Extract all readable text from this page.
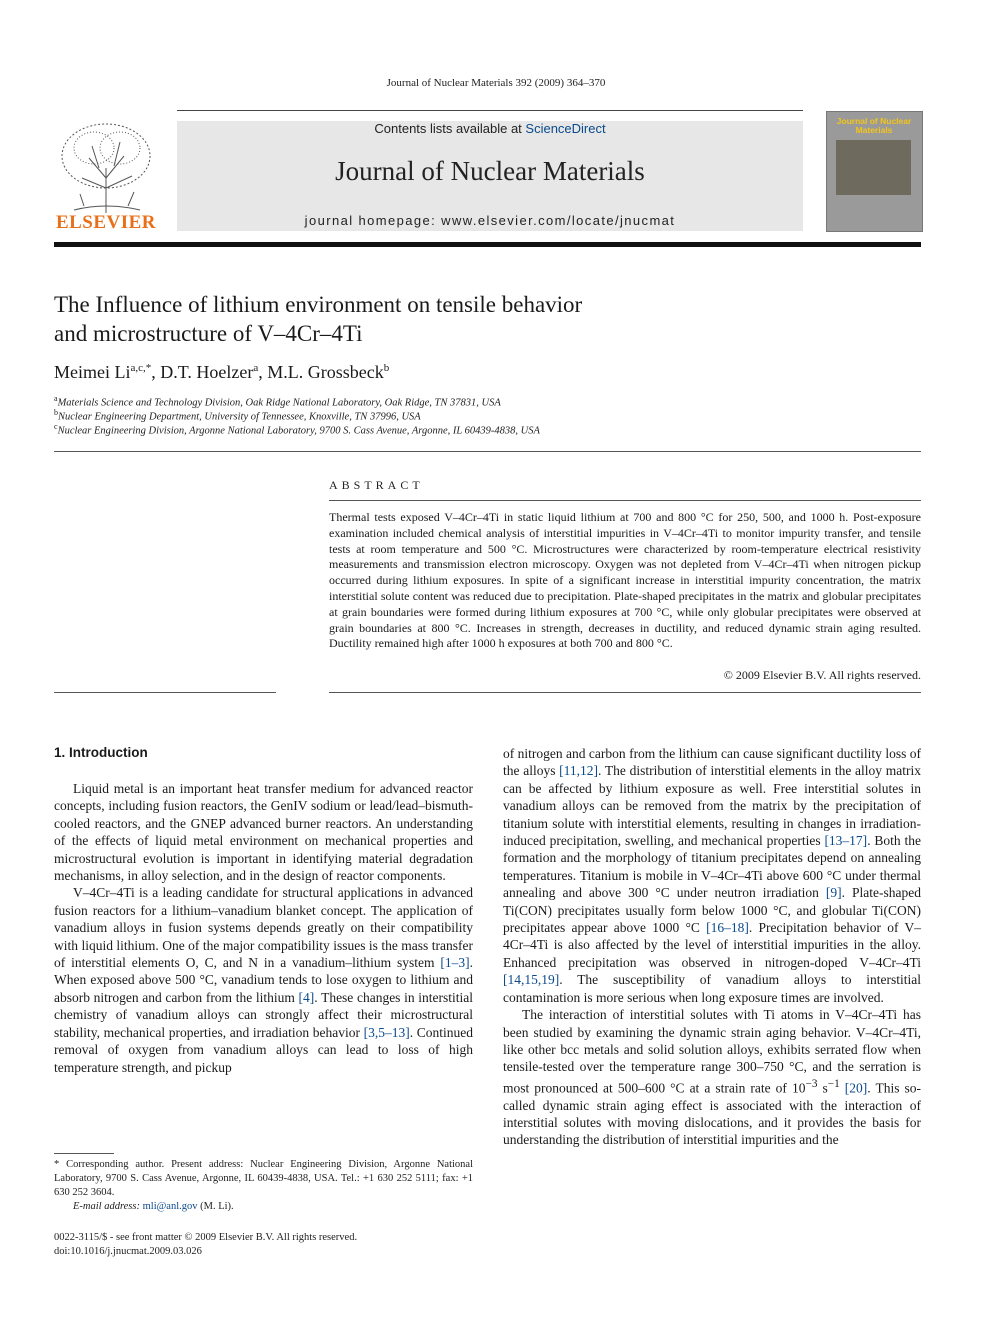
Journal of Nuclear Materials 392 (2009) 364–370
ELSEVIER
Contents lists available at ScienceDirect
Journal of Nuclear Materials
journal homepage: www.elsevier.com/locate/jnucmat
Journal of Nuclear Materials
The Influence of lithium environment on tensile behavior
and microstructure of V–4Cr–4Ti
Meimei $Li^{a,c,*}$, D.T. Hoelzer$^a$, M.L. Grossbeck$^b$
$^a$Materials Science and Technology Division, Oak Ridge National Laboratory, Oak Ridge, TN 37831, USA
$^b$Nuclear Engineering Department, University of Tennessee, Knoxville, TN 37996, USA
$^c$Nuclear Engineering Division, Argonne National Laboratory, 9700 S. Cass Avenue, Argonne, IL 60439-4838, USA
ABSTRACT
Thermal tests exposed V–4Cr–4Ti in static liquid lithium at 700 and 800 °C for 250, 500, and 1000 h. Post-exposure examination included chemical analysis of interstitial impurities in V–4Cr–4Ti to monitor impurity transfer, and tensile tests at room temperature and 500 °C. Microstructures were characterized by room-temperature electrical resistivity measurements and transmission electron microscopy. Oxygen was not depleted from V–4Cr–4Ti when nitrogen pickup occurred during lithium exposures. In spite of a significant increase in interstitial impurity concentration, the matrix interstitial solute content was reduced due to precipitation. Plate-shaped precipitates in the matrix and globular precipitates at grain boundaries were formed during lithium exposures at 700 °C, while only globular precipitates were observed at grain boundaries at 800 °C. Increases in strength, decreases in ductility, and reduced dynamic strain aging resulted. Ductility remained high after 1000 h exposures at both 700 and 800 °C.
© 2009 Elsevier B.V. All rights reserved.
1. Introduction

Liquid metal is an important heat transfer medium for advanced reactor concepts, including fusion reactors, the GenIV sodium or lead/lead–bismuth-cooled reactors, and the GNEP advanced burner reactors. An understanding of the effects of liquid metal environment on mechanical properties and microstructural evolution is important in identifying material degradation mechanisms, in alloy selection, and in the design of reactor components.

V–4Cr–4Ti is a leading candidate for structural applications in advanced fusion reactors for a lithium–vanadium blanket concept. The application of vanadium alloys in fusion systems depends greatly on their compatibility with liquid lithium. One of the major compatibility issues is the mass transfer of interstitial elements O, C, and N in a vanadium–lithium system [1–3]. When exposed above 500 °C, vanadium tends to lose oxygen to lithium and absorb nitrogen and carbon from the lithium [4]. These changes in interstitial chemistry of vanadium alloys can strongly affect their microstructural stability, mechanical properties, and irradiation behavior [3,5–13]. Continued removal of oxygen from vanadium alloys can lead to loss of high temperature strength, and pickup

of nitrogen and carbon from the lithium can cause significant ductility loss of the alloys [11,12]. The distribution of interstitial elements in the alloy matrix can be affected by lithium exposure as well. Free interstitial solutes in vanadium alloys can be removed from the matrix by the precipitation of titanium solute with interstitial elements, resulting in changes in irradiation-induced precipitation, swelling, and mechanical properties [13–17]. Both the formation and the morphology of titanium precipitates depend on annealing temperatures. Titanium is mobile in V–4Cr–4Ti above 600 °C under thermal annealing and above 300 °C under neutron irradiation [9]. Plate-shaped Ti(CON) precipitates usually form below 1000 °C, and globular Ti(CON) precipitates appear above 1000 °C [16–18]. Precipitation behavior of V–4Cr–4Ti is also affected by the level of interstitial impurities in the alloy. Enhanced precipitation was observed in nitrogen-doped V–4Cr–4Ti [14,15,19]. The susceptibility of vanadium alloys to interstitial contamination is more serious when long exposure times are involved.

The interaction of interstitial solutes with Ti atoms in V–4Cr–4Ti has been studied by examining the dynamic strain aging behavior. V–4Cr–4Ti, like other bcc metals and solid solution alloys, exhibits serrated flow when tensile-tested over the temperature range 300–750 °C, and the serration is most pronounced at 500–600 °C at a strain rate of $10^{-3}$ $s^{-1}$ [20]. This so-called dynamic strain aging effect is associated with the interaction of interstitial solutes with moving dislocations, and it provides the basis for understanding the distribution of interstitial impurities and the

* Corresponding author. Present address: Nuclear Engineering Division, Argonne National Laboratory, 9700 S. Cass Avenue, Argonne, IL 60439-4838, USA. Tel.: +1 630 252 5111; fax: +1 630 252 3604.
E-mail address: mli@anl.gov (M. Li).
0022-3115/$ - see front matter © 2009 Elsevier B.V. All rights reserved.
doi:10.1016/j.jnucmat.2009.03.026
